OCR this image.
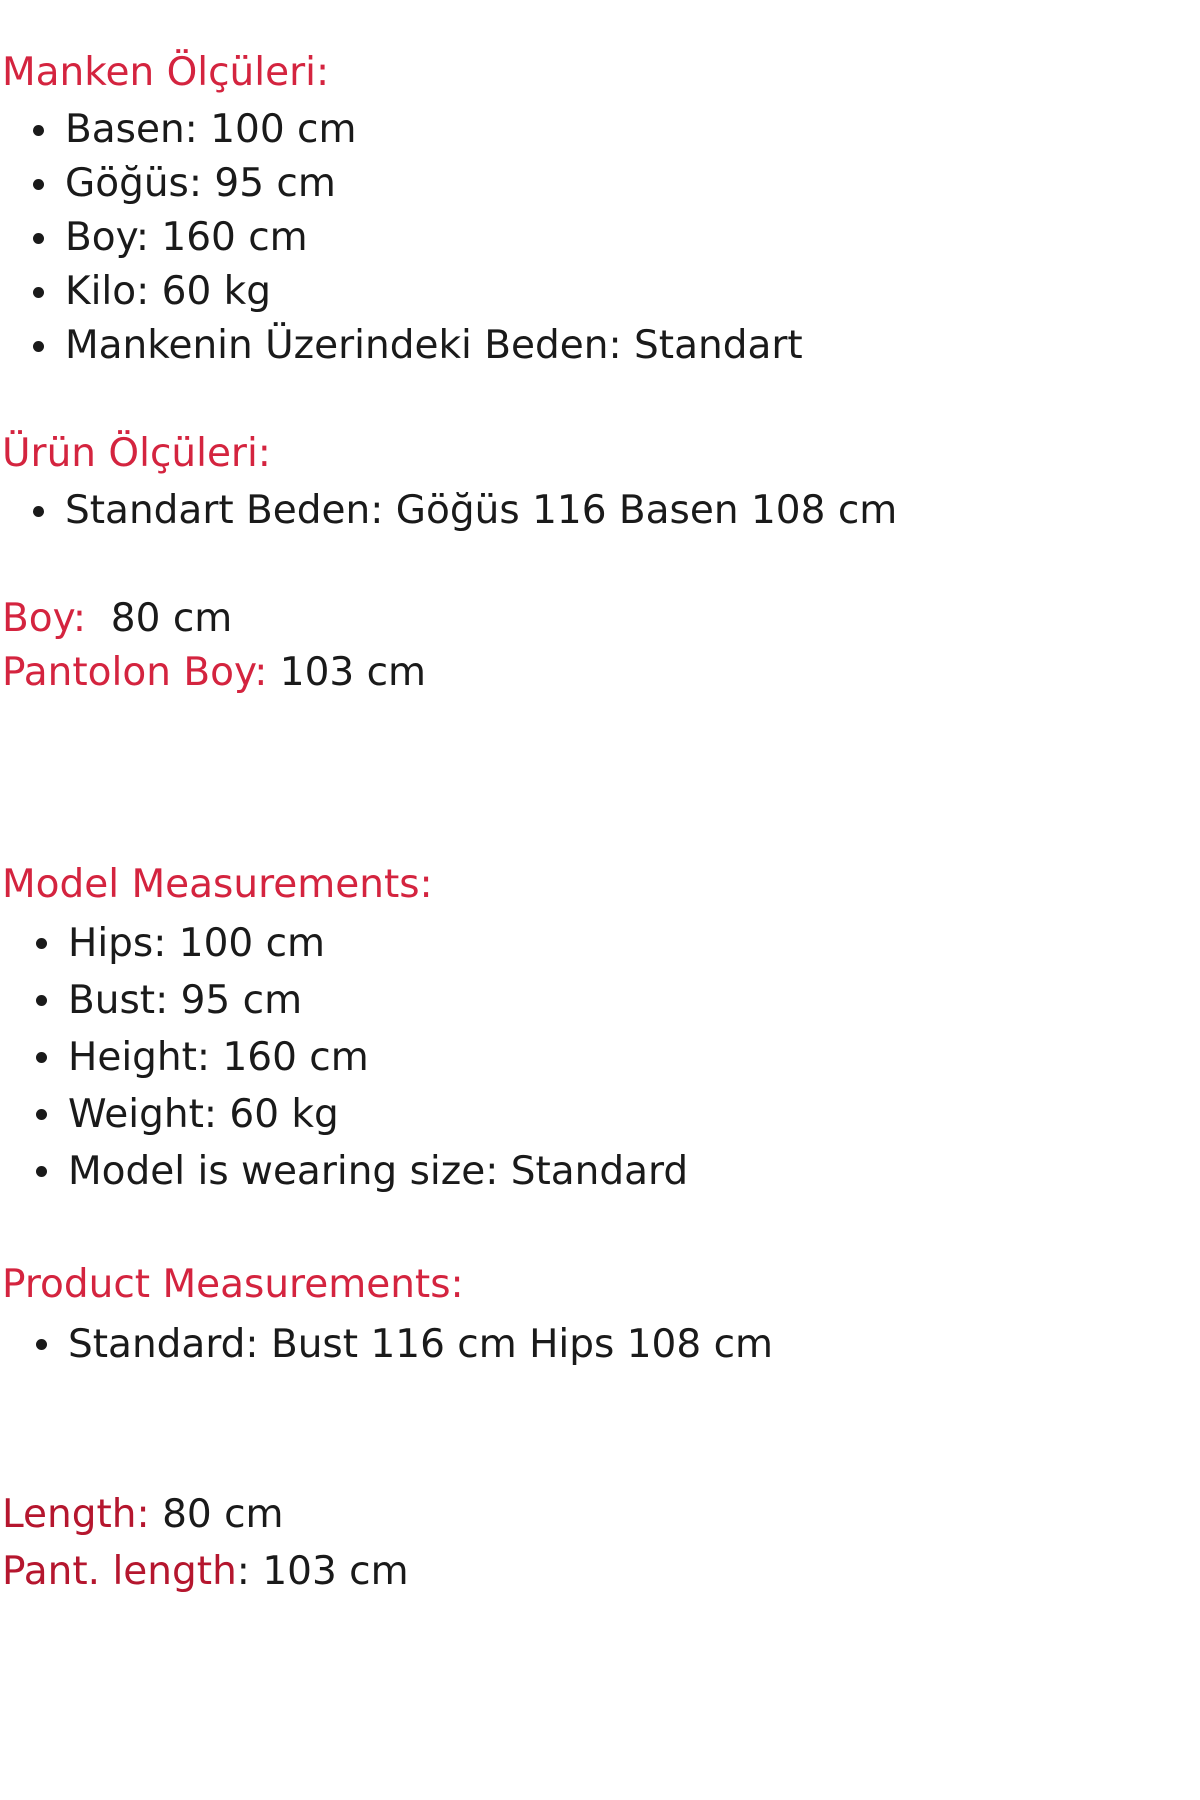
Manken Ölçüleri:
Basen: 100 cm
Göğüs: 95 cm
Boy: 160 cm
Kilo: 60 kg
Mankenin Üzerindeki Beden: Standart
Ürün Ölçüleri:
Standart Beden: Göğüs 116 Basen 108 cm
Boy:  80 cm
Pantolon Boy: 103 cm
Model Measurements:
Hips: 100 cm
Bust: 95 cm
Height: 160 cm
Weight: 60 kg
Model is wearing size: Standard
Product Measurements:
Standard: Bust 116 cm Hips 108 cm
Length: 80 cm
Pant. length: 103 cm
